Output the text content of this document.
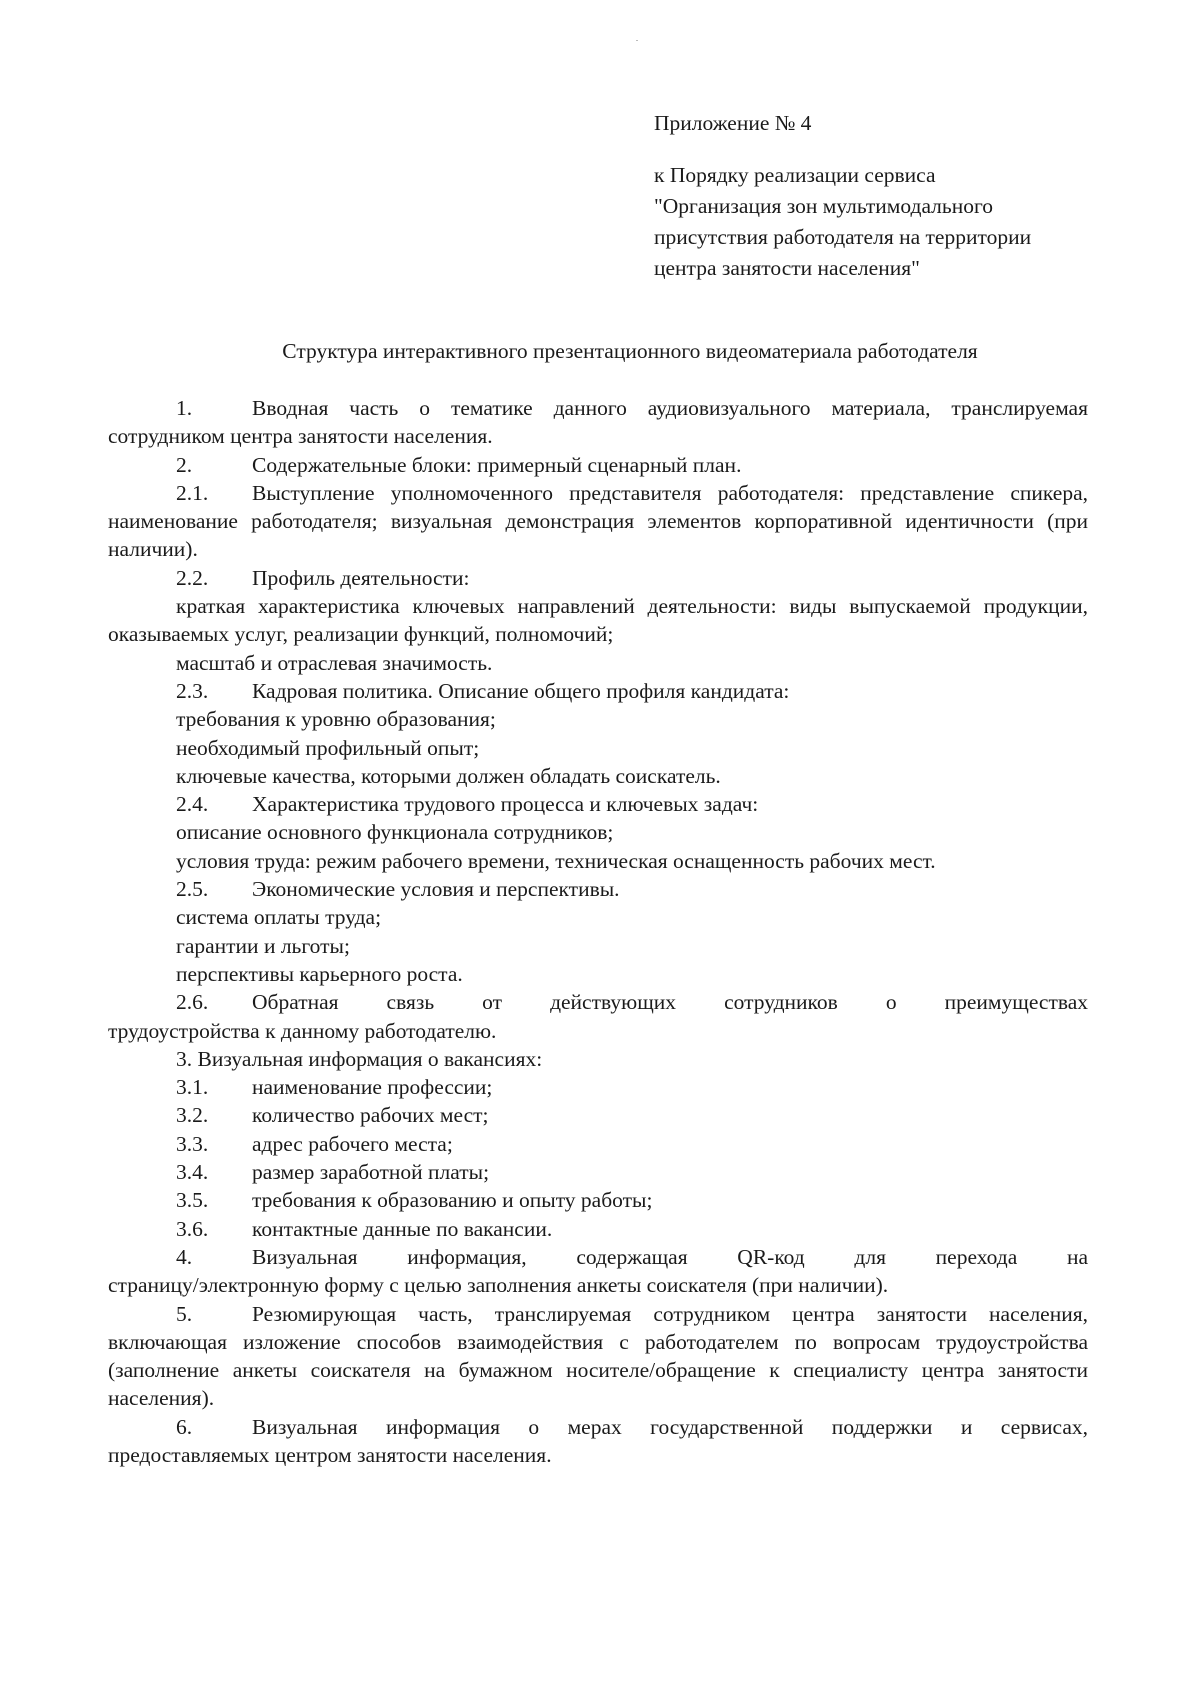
Приложение № 4
к Порядку реализации сервиса
"Организация зон мультимодального
присутствия работодателя на территории
центра занятости населения"
Структура интерактивного презентационного видеоматериала работодателя

1.	Вводная часть о тематике данного аудиовизуального материала, транслируемая сотрудником центра занятости населения.

2.	Содержательные блоки: примерный сценарный план.

2.1. Выступление уполномоченного представителя работодателя: представление спикера, наименование работодателя; визуальная демонстрация элементов корпоративной идентичности (при наличии).

2.2. Профиль деятельности:

краткая характеристика ключевых направлений деятельности: виды выпускаемой продукции, оказываемых услуг, реализации функций, полномочий;

масштаб и отраслевая значимость.

2.3. Кадровая политика. Описание общего профиля кандидата:

требования к уровню образования;

необходимый профильный опыт;

ключевые качества, которыми должен обладать соискатель.

2.4. Характеристика трудового процесса и ключевых задач:

описание основного функционала сотрудников;

условия труда: режим рабочего времени, техническая оснащенность рабочих мест.

2.5. Экономические условия и перспективы.

система оплаты труда;

гарантии и льготы;

перспективы карьерного роста.

2.6. Обратная связь от действующих сотрудников о преимуществах

трудоустройства к данному работодателю.

3. Визуальная информация о вакансиях:

3.1. наименование профессии;

3.2. количество рабочих мест;

3.3. адрес рабочего места;

3.4. размер заработной платы;

3.5. требования к образованию и опыту работы;

3.6. контактные данные по вакансии.

4.	Визуальная информация, содержащая QR-код для перехода на

страницу/электронную форму с целью заполнения анкеты соискателя (при наличии).

5.	Резюмирующая часть, транслируемая сотрудником центра занятости населения, включающая изложение способов взаимодействия с работодателем по вопросам трудоустройства (заполнение анкеты соискателя на бумажном носителе/обращение к специалисту центра занятости населения).

6.	Визуальная информация о мерах государственной поддержки и сервисах, предоставляемых центром занятости населения.
